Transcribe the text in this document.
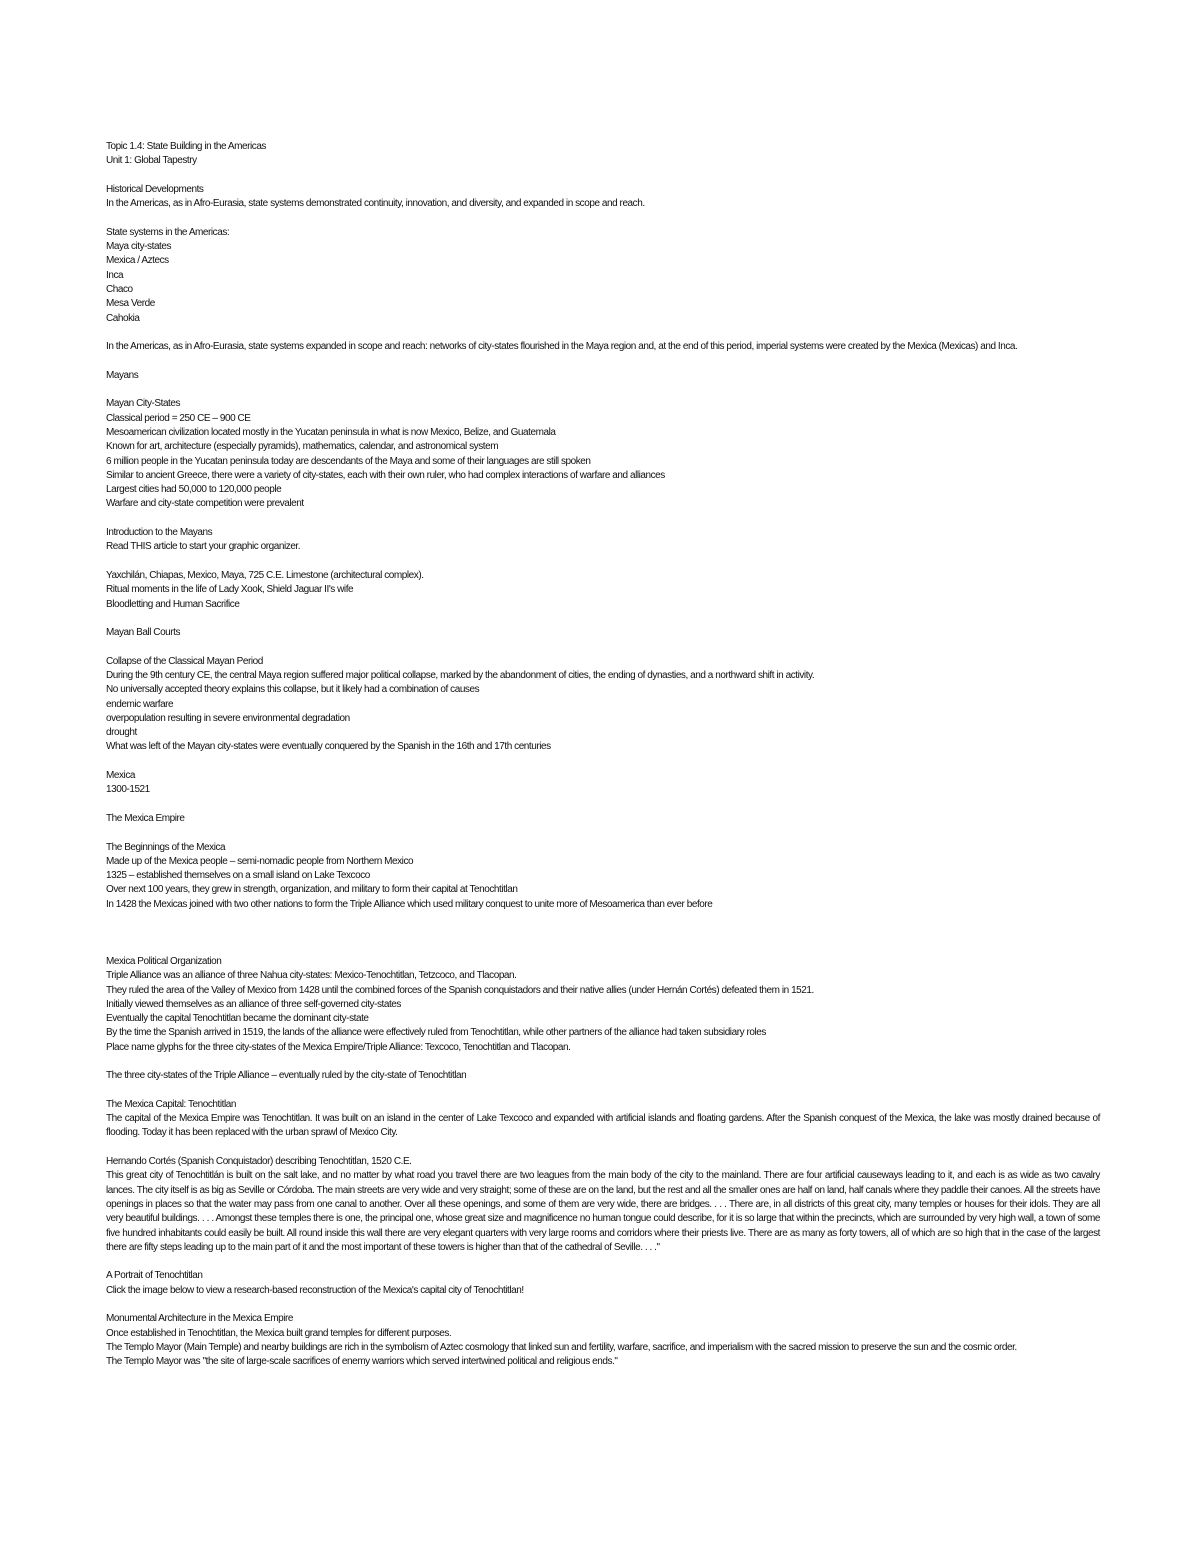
Topic 1.4: State Building in the Americas
Unit 1: Global Tapestry
Historical Developments
In the Americas, as in Afro-Eurasia, state systems demonstrated continuity, innovation, and diversity, and expanded in scope and reach.
State systems in the Americas:
Maya city-states
Mexica / Aztecs
Inca
Chaco
Mesa Verde
Cahokia
In the Americas, as in Afro-Eurasia, state systems expanded in scope and reach: networks of city-states flourished in the Maya region and, at the end of this period, imperial systems were created by the Mexica (Mexicas) and Inca.
Mayans
Mayan City-States
Classical period = 250 CE – 900 CE
Mesoamerican civilization located mostly in the Yucatan peninsula in what is now Mexico, Belize, and Guatemala
Known for art, architecture (especially pyramids), mathematics, calendar, and astronomical system
6 million people in the Yucatan peninsula today are descendants of the Maya and some of their languages are still spoken
Similar to ancient Greece, there were a variety of city-states, each with their own ruler, who had complex interactions of warfare and alliances
Largest cities had 50,000 to 120,000 people
Warfare and city-state competition were prevalent
Introduction to the Mayans
Read THIS article to start your graphic organizer.
Yaxchilán, Chiapas, Mexico, Maya, 725 C.E. Limestone (architectural complex).
Ritual moments in the life of Lady Xook, Shield Jaguar II's wife
Bloodletting and Human Sacrifice
Mayan Ball Courts
Collapse of the Classical Mayan Period
During the 9th century CE, the central Maya region suffered major political collapse, marked by the abandonment of cities, the ending of dynasties, and a northward shift in activity.
No universally accepted theory explains this collapse, but it likely had a combination of causes
endemic warfare
overpopulation resulting in severe environmental degradation
drought
What was left of the Mayan city-states were eventually conquered by the Spanish in the 16th and 17th centuries
Mexica
1300-1521
The Mexica Empire
The Beginnings of the Mexica
Made up of the Mexica people – semi-nomadic people from Northern Mexico
1325 – established themselves on a small island on Lake Texcoco
Over next 100 years, they grew in strength, organization, and military to form their capital at Tenochtitlan
In 1428 the Mexicas joined with two other nations to form the Triple Alliance which used military conquest to unite more of Mesoamerica than ever before
Mexica Political Organization
Triple Alliance was an alliance of three Nahua city-states: Mexico-Tenochtitlan, Tetzcoco, and Tlacopan.
They ruled the area of the Valley of Mexico from 1428 until the combined forces of the Spanish conquistadors and their native allies (under Hernán Cortés) defeated them in 1521.
Initially viewed themselves as an alliance of three self-governed city-states
Eventually the capital Tenochtitlan became the dominant city-state
By the time the Spanish arrived in 1519, the lands of the alliance were effectively ruled from Tenochtitlan, while other partners of the alliance had taken subsidiary roles
Place name glyphs for the three city-states of the Mexica Empire/Triple Alliance: Texcoco, Tenochtitlan and Tlacopan.
The three city-states of the Triple Alliance – eventually ruled by the city-state of Tenochtitlan
The Mexica Capital: Tenochtitlan
The capital of the Mexica Empire was Tenochtitlan. It was built on an island in the center of Lake Texcoco and expanded with artificial islands and floating gardens. After the Spanish conquest of the Mexica, the lake was mostly drained because of flooding. Today it has been replaced with the urban sprawl of Mexico City.
Hernando Cortés (Spanish Conquistador) describing Tenochtitlan, 1520 C.E.
This great city of Tenochtitlán is built on the salt lake, and no matter by what road you travel there are two leagues from the main body of the city to the mainland. There are four artificial causeways leading to it, and each is as wide as two cavalry lances. The city itself is as big as Seville or Córdoba. The main streets are very wide and very straight; some of these are on the land, but the rest and all the smaller ones are half on land, half canals where they paddle their canoes. All the streets have openings in places so that the water may pass from one canal to another. Over all these openings, and some of them are very wide, there are bridges. . . . There are, in all districts of this great city, many temples or houses for their idols. They are all very beautiful buildings. . . . Amongst these temples there is one, the principal one, whose great size and magnificence no human tongue could describe, for it is so large that within the precincts, which are surrounded by very high wall, a town of some five hundred inhabitants could easily be built. All round inside this wall there are very elegant quarters with very large rooms and corridors where their priests live. There are as many as forty towers, all of which are so high that in the case of the largest there are fifty steps leading up to the main part of it and the most important of these towers is higher than that of the cathedral of Seville. . . ."
A Portrait of Tenochtitlan
Click the image below to view a research-based reconstruction of the Mexica's capital city of Tenochtitlan!
Monumental Architecture in the Mexica Empire
Once established in Tenochtitlan, the Mexica built grand temples for different purposes.
The Templo Mayor (Main Temple) and nearby buildings are rich in the symbolism of Aztec cosmology that linked sun and fertility, warfare, sacrifice, and imperialism with the sacred mission to preserve the sun and the cosmic order.
The Templo Mayor was "the site of large-scale sacrifices of enemy warriors which served intertwined political and religious ends."
